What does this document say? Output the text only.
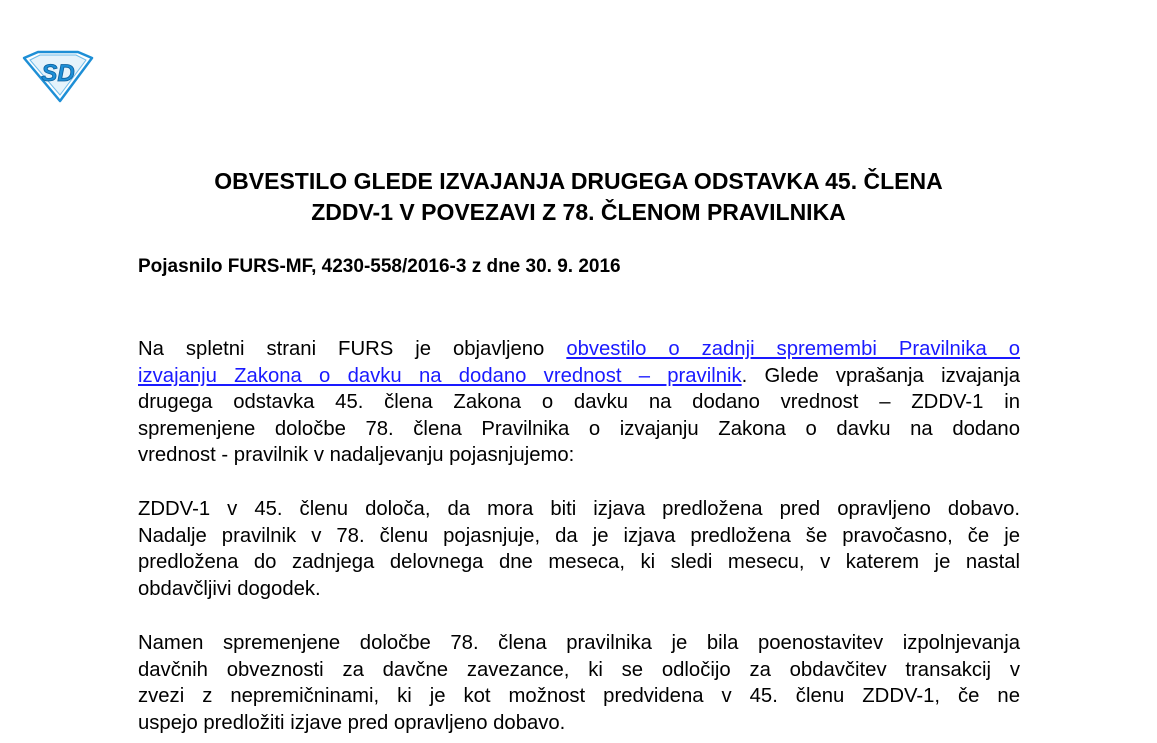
SD
OBVESTILO GLEDE IZVAJANJA DRUGEGA ODSTAVKA 45. ČLENA
ZDDV-1 V POVEZAVI Z 78. ČLENOM PRAVILNIKA
Pojasnilo FURS-MF, 4230-558/2016-3 z dne 30. 9. 2016
Na spletni strani FURS je objavljeno obvestilo o zadnji spremembi Pravilnika o
izvajanju Zakona o davku na dodano vrednost – pravilnik. Glede vprašanja izvajanja
drugega odstavka 45. člena Zakona o davku na dodano vrednost – ZDDV-1 in
spremenjene določbe 78. člena Pravilnika o izvajanju Zakona o davku na dodano
vrednost - pravilnik v nadaljevanju pojasnjujemo:
ZDDV-1 v 45. členu določa, da mora biti izjava predložena pred opravljeno dobavo.
Nadalje pravilnik v 78. členu pojasnjuje, da je izjava predložena še pravočasno, če je
predložena do zadnjega delovnega dne meseca, ki sledi mesecu, v katerem je nastal
obdavčljivi dogodek.
Namen spremenjene določbe 78. člena pravilnika je bila poenostavitev izpolnjevanja
davčnih obveznosti za davčne zavezance, ki se odločijo za obdavčitev transakcij v
zvezi z nepremičninami, ki je kot možnost predvidena v 45. členu ZDDV-1, če ne
uspejo predložiti izjave pred opravljeno dobavo.
